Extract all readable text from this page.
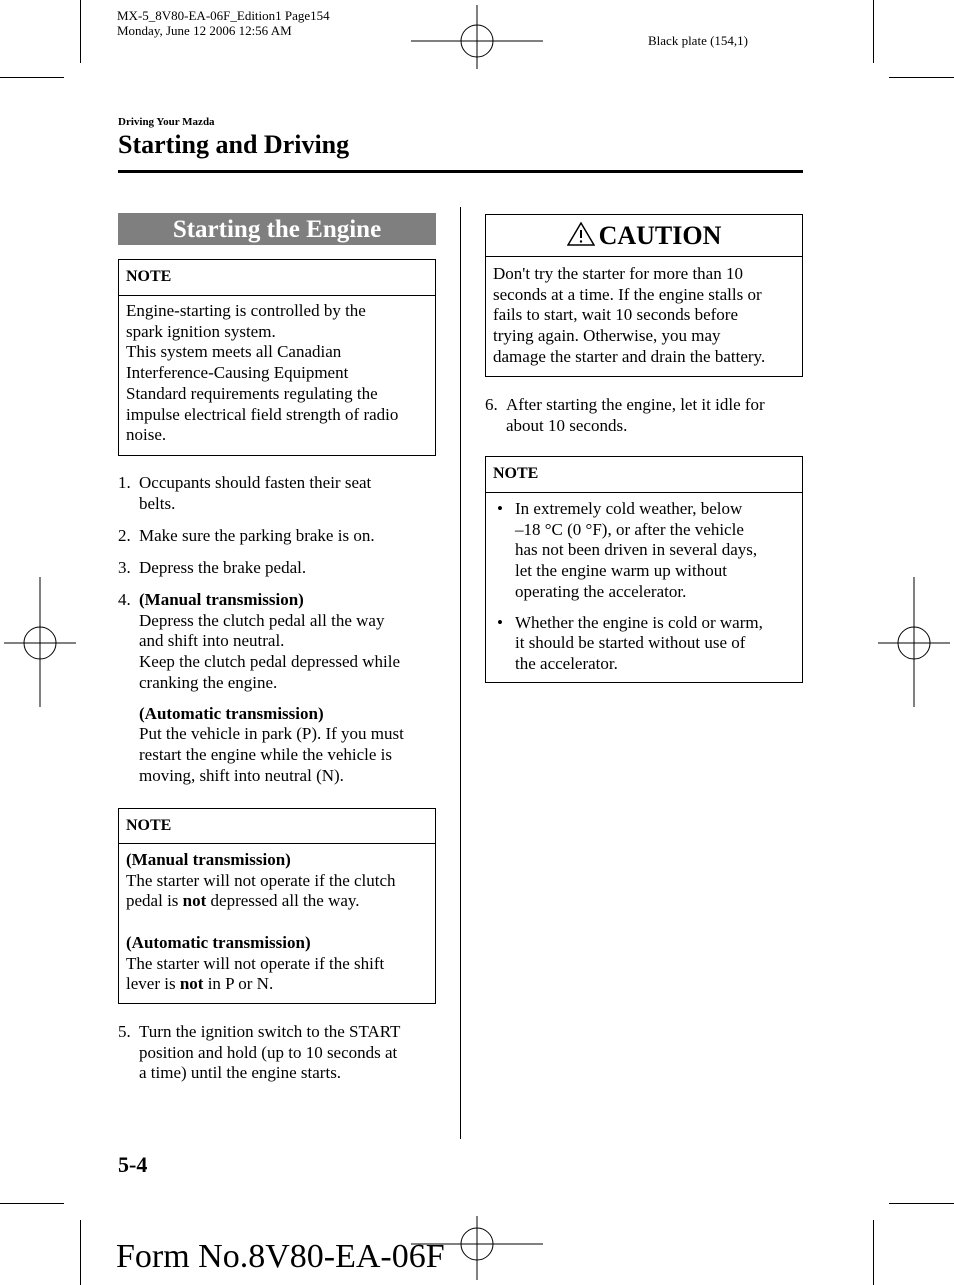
MX-5_8V80-EA-06F_Edition1 Page154
Monday, June 12 2006 12:56 AM
Black plate (154,1)
Driving Your Mazda
Starting and Driving
Starting the Engine
NOTE
Engine-starting is controlled by the
spark ignition system.
This system meets all Canadian
Interference-Causing Equipment
Standard requirements regulating the
impulse electrical field strength of radio
noise.
1. Occupants should fasten their seat
belts.
2. Make sure the parking brake is on.
3. Depress the brake pedal.
4. (Manual transmission)
Depress the clutch pedal all the way
and shift into neutral.
Keep the clutch pedal depressed while
cranking the engine.
(Automatic transmission)
Put the vehicle in park (P). If you must
restart the engine while the vehicle is
moving, shift into neutral (N).
NOTE
(Manual transmission)
The starter will not operate if the clutch
pedal is not depressed all the way.
(Automatic transmission)
The starter will not operate if the shift
lever is not in P or N.
5. Turn the ignition switch to the START
position and hold (up to 10 seconds at
a time) until the engine starts.
CAUTION
Don't try the starter for more than 10
seconds at a time. If the engine stalls or
fails to start, wait 10 seconds before
trying again. Otherwise, you may
damage the starter and drain the battery.
6. After starting the engine, let it idle for
about 10 seconds.
NOTE
• In extremely cold weather, below
–18 °C (0 °F), or after the vehicle
has not been driven in several days,
let the engine warm up without
operating the accelerator.
• Whether the engine is cold or warm,
it should be started without use of
the accelerator.
5-4
Form No.8V80-EA-06F
